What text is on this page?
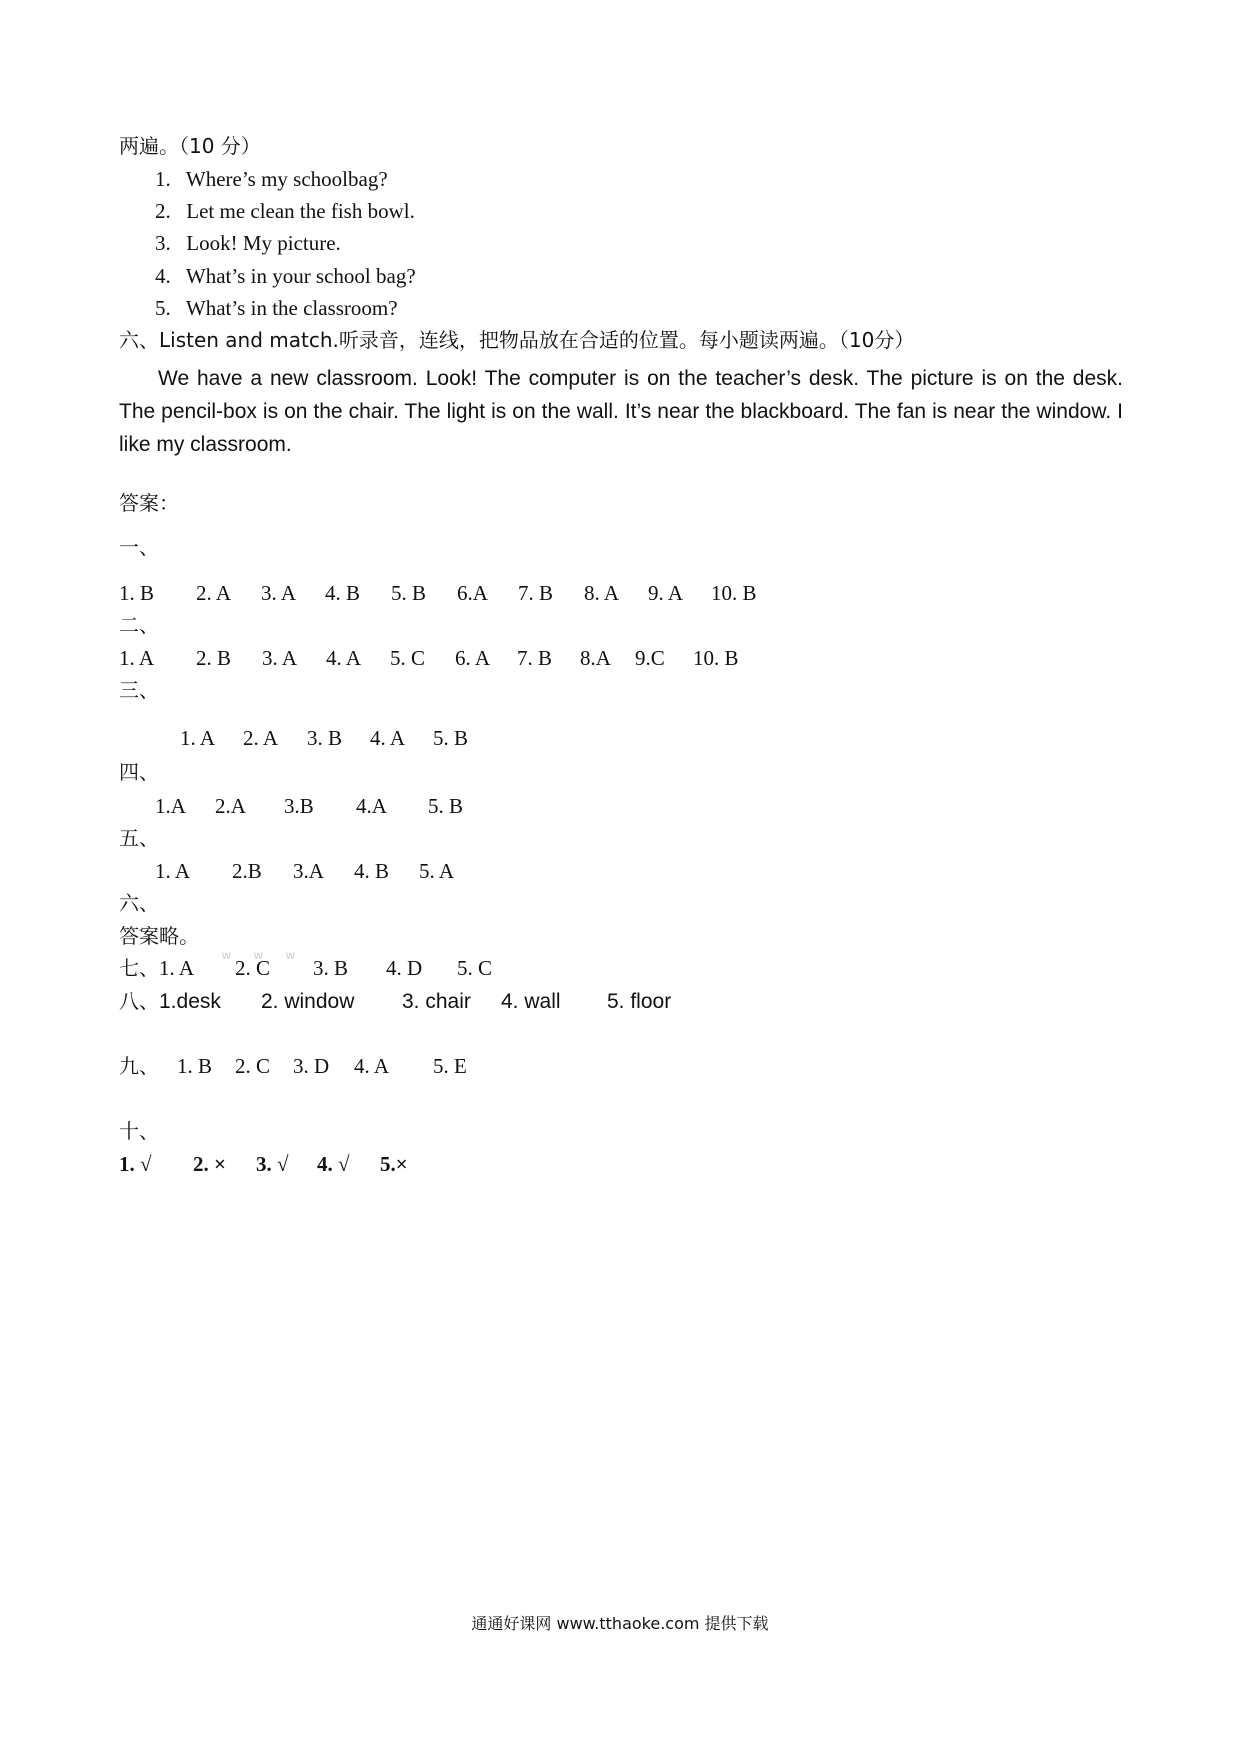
两遍。（10 分）
1. Where’s my schoolbag?
2. Let me clean the fish bowl.
3. Look! My picture.
4. What’s in your school bag?
5. What’s in the classroom?
六、Listen and match.听录音，连线，把物品放在合适的位置。每小题读两遍。（10分）
We have a new classroom. Look! The computer is on the teacher’s desk. The picture is on the desk. The pencil-box is on the chair. The light is on the wall. It’s near the blackboard. The fan is near the window. I like my classroom.
答案：
一、
1. B 2. A 3. A 4. B 5. B 6.A 7. B 8. A 9. A 10. B
二、
1. A 2. B 3. A 4. A 5. C 6. A 7. B 8.A 9.C 10. B
三、
1. A 2. A 3. B 4. A 5. B
四、
1.A 2.A 3.B 4.A 5. B
五、
1. A 2.B 3.A 4. B 5. A
六、
答案略。
w w w
七、1. A 2. C 3. B 4. D 5. C
八、1.desk 2. window 3. chair 4. wall 5. floor
九、 1. B 2. C 3. D 4. A 5. E
十、
1. √ 2. × 3. √ 4. √ 5.×
通通好课网 www.tthaoke.com 提供下载
